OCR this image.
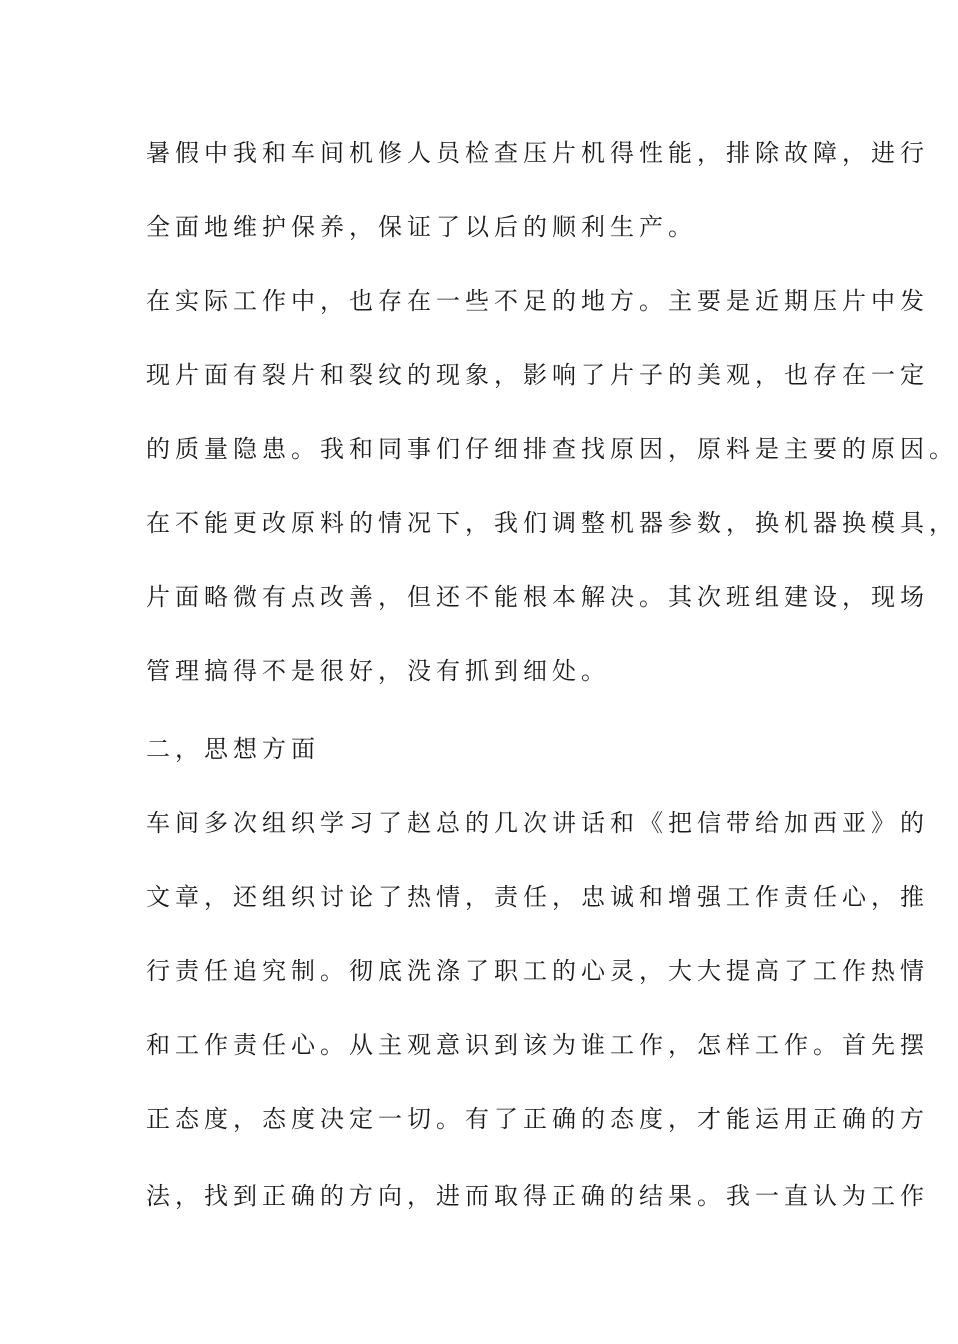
暑假中我和车间机修人员检查压片机得性能，排除故障，进行
全面地维护保养，保证了以后的顺利生产。
在实际工作中，也存在一些不足的地方。主要是近期压片中发
现片面有裂片和裂纹的现象，影响了片子的美观，也存在一定
的质量隐患。我和同事们仔细排查找原因，原料是主要的原因。
在不能更改原料的情况下，我们调整机器参数，换机器换模具，
片面略微有点改善，但还不能根本解决。其次班组建设，现场
管理搞得不是很好，没有抓到细处。
二，思想方面
车间多次组织学习了赵总的几次讲话和《把信带给加西亚》的
文章，还组织讨论了热情，责任，忠诚和增强工作责任心，推
行责任追究制。彻底洗涤了职工的心灵，大大提高了工作热情
和工作责任心。从主观意识到该为谁工作，怎样工作。首先摆
正态度，态度决定一切。有了正确的态度，才能运用正确的方
法，找到正确的方向，进而取得正确的结果。我一直认为工作
